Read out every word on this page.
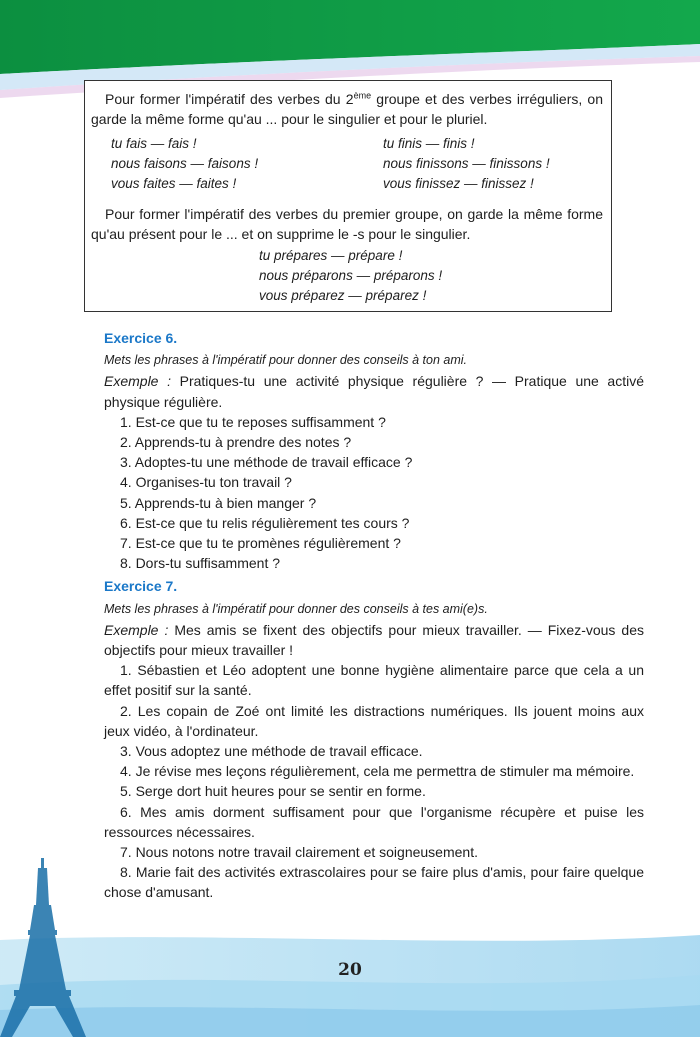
Pour former l'impératif des verbes du 2ème groupe et des verbes irréguliers, on garde la même forme qu'au ... pour le singulier et pour le pluriel.

tu fais — fais !
nous faisons — faisons !
vous faites — faites !
tu finis — finis !
nous finissons — finissons !
vous finissez — finissez !

Pour former l'impératif des verbes du premier groupe, on garde la même forme qu'au présent pour le ... et on supprime le -s pour le singulier.

tu prépares — prépare !
nous préparons — préparons !
vous préparez — préparez !
Exercice 6.
Mets les phrases à l'impératif pour donner des conseils à ton ami.

Exemple : Pratiques-tu une activité physique régulière ? — Pratique une activé physique régulière.

1. Est-ce que tu te reposes suffisamment ?

2. Apprends-tu à prendre des notes ?

3. Adoptes-tu une méthode de travail efficace ?

4. Organises-tu ton travail ?

5. Apprends-tu à bien manger ?

6. Est-ce que tu relis régulièrement tes cours ?

7. Est-ce que tu te promènes régulièrement ?

8. Dors-tu suffisamment ?

Exercice 7.
Mets les phrases à l'impératif pour donner des conseils à tes ami(e)s.

Exemple : Mes amis se fixent des objectifs pour mieux travailler. — Fixez-vous des objectifs pour mieux travailler !

1. Sébastien et Léo adoptent une bonne hygiène alimentaire parce que cela a un effet positif sur la santé.

2. Les copain de Zoé ont limité les distractions numériques. Ils jouent moins aux jeux vidéo, à l'ordinateur.

3. Vous adoptez une méthode de travail efficace.

4. Je révise mes leçons régulièrement, cela me permettra de stimuler ma mémoire.

5. Serge dort huit heures pour se sentir en forme.

6. Mes amis dorment suffisament pour que l'organisme récupère et puise les ressources nécessaires.

7. Nous notons notre travail clairement et soigneusement.

8. Marie fait des activités extrascolaires pour se faire plus d'amis, pour faire quelque chose d'amusant.

20
